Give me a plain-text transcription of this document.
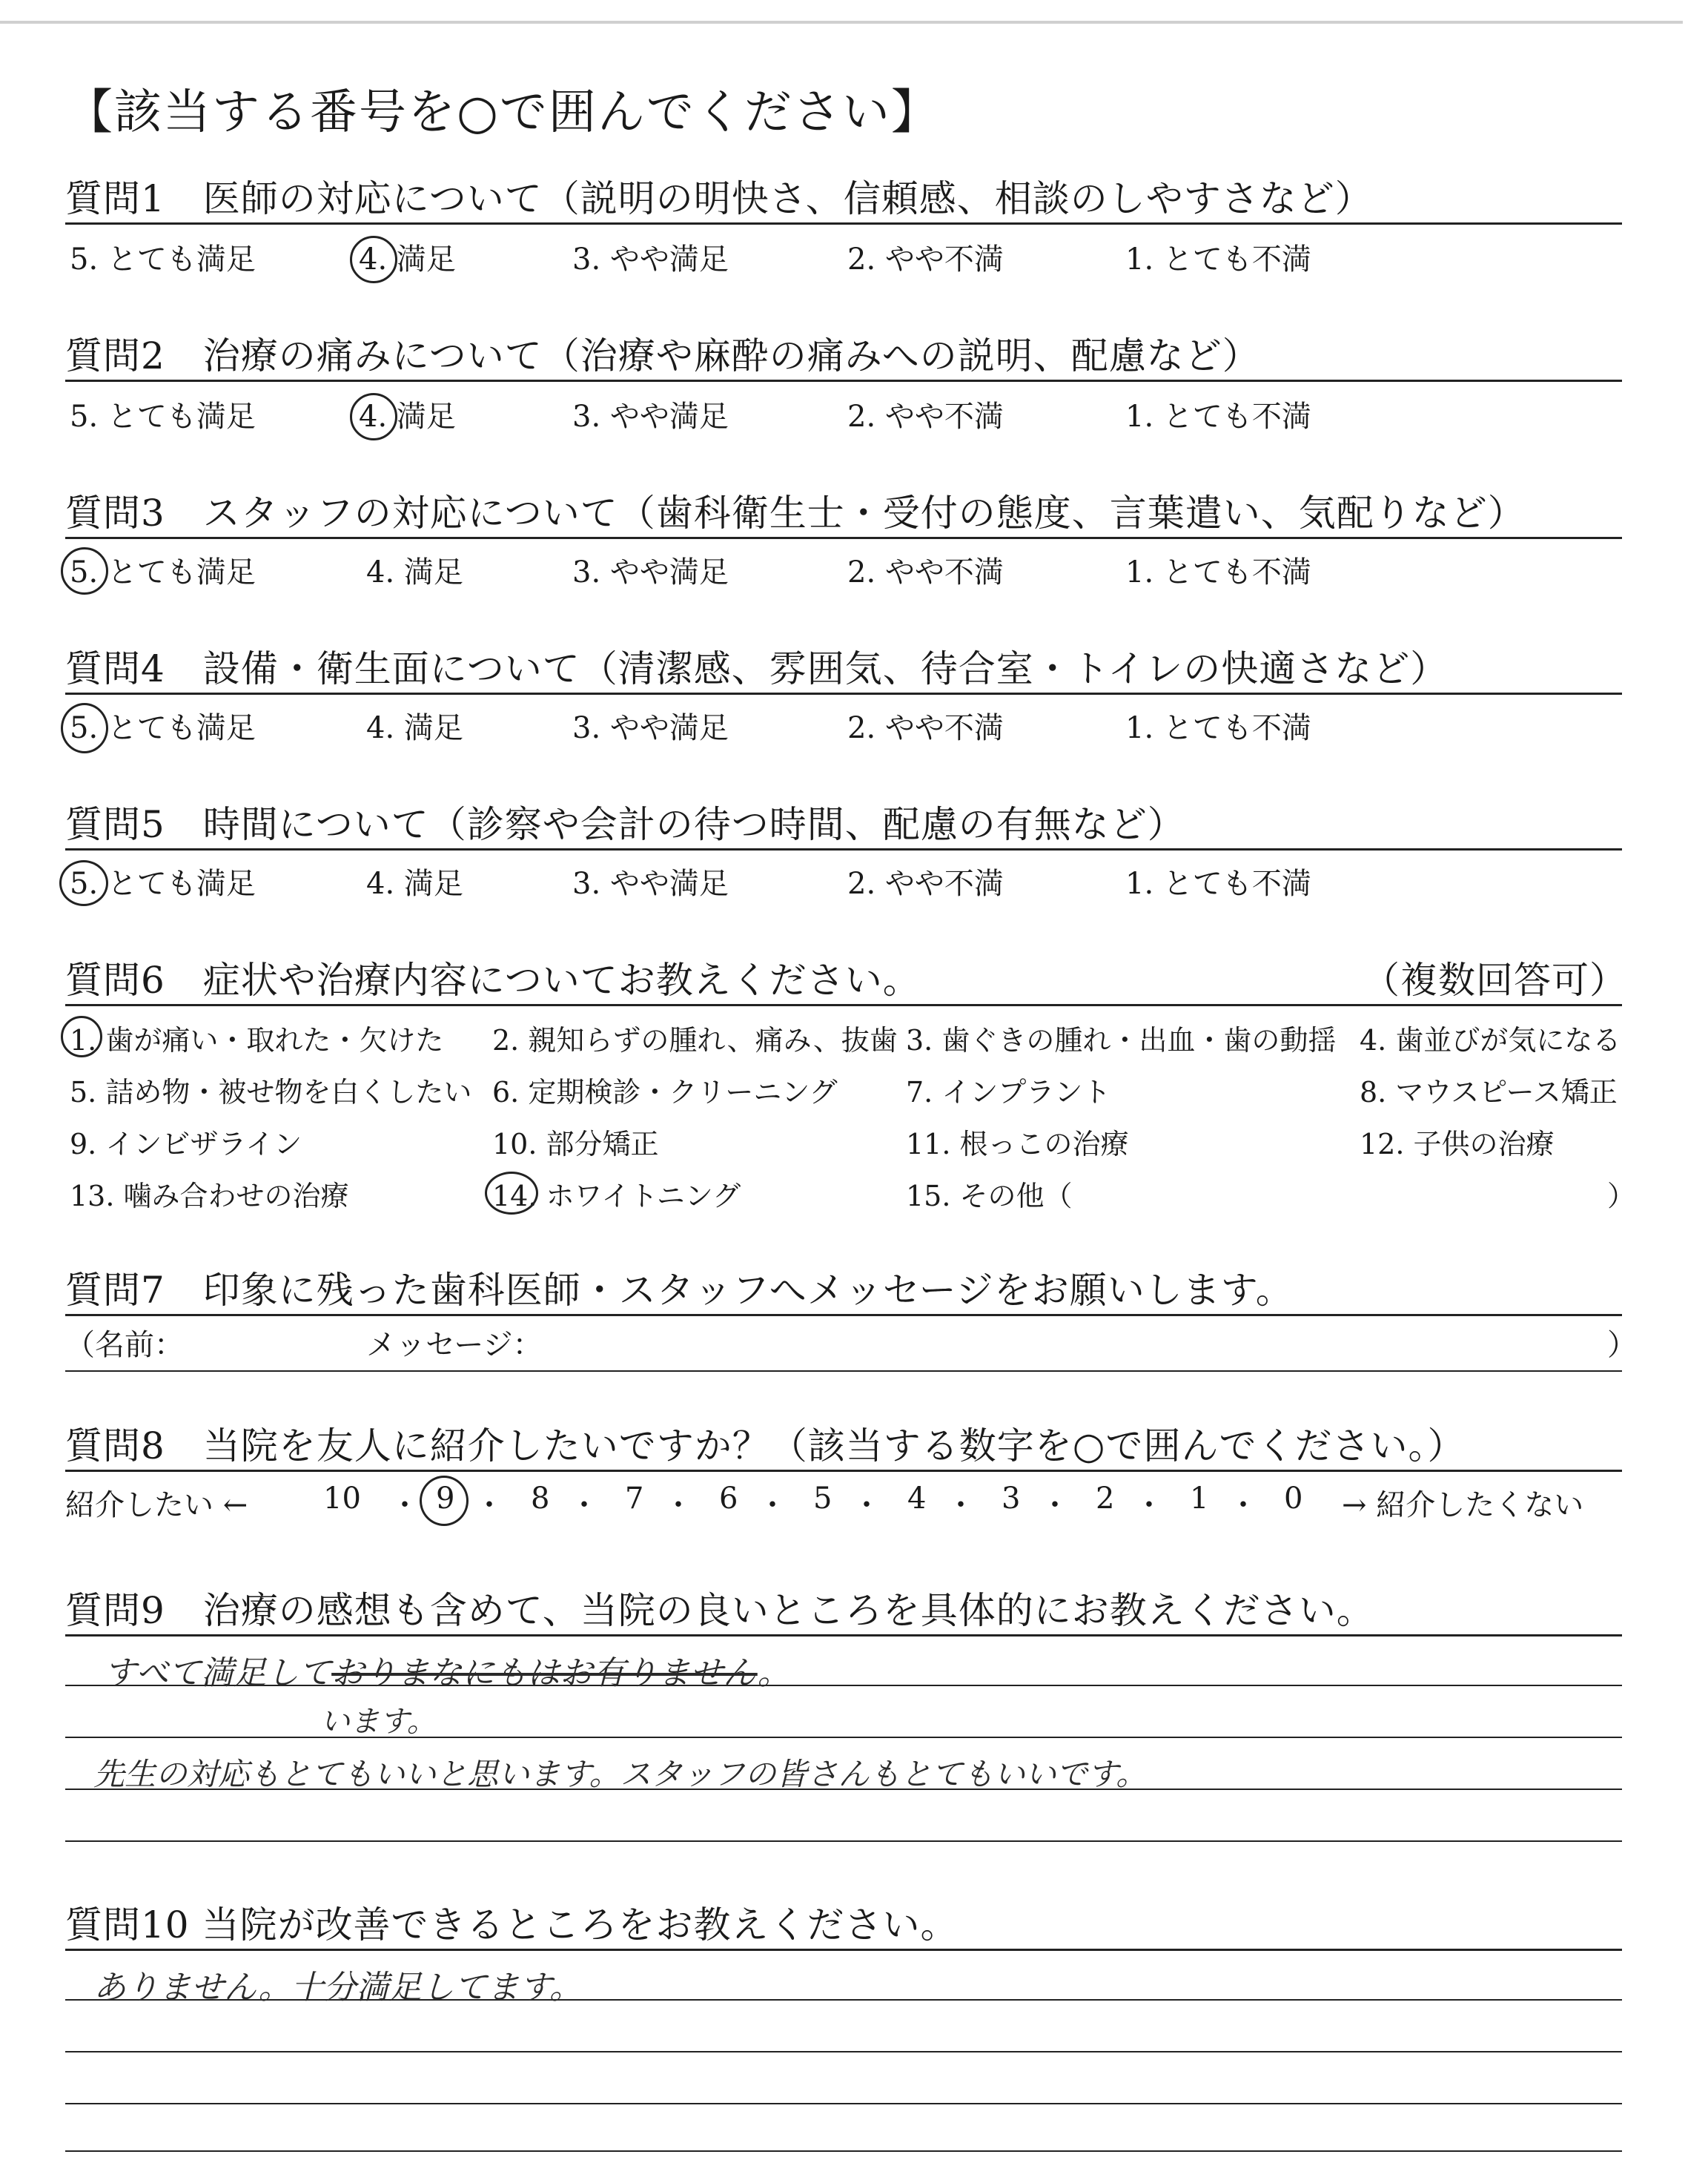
【該当する番号を○で囲んでください】
質問1　医師の対応について（説明の明快さ、信頼感、相談のしやすさなど）
5. とても満足	4. 満足	3. やや満足	2. やや不満	1. とても不満
質問2　治療の痛みについて（治療や麻酔の痛みへの説明、配慮など）
5. とても満足	4. 満足	3. やや満足	2. やや不満	1. とても不満
質問3　スタッフの対応について（歯科衛生士・受付の態度、言葉遣い、気配りなど）
5. とても満足	4. 満足	3. やや満足	2. やや不満	1. とても不満
質問4　設備・衛生面について（清潔感、雰囲気、待合室・トイレの快適さなど）
5. とても満足	4. 満足	3. やや満足	2. やや不満	1. とても不満
質問5　時間について（診察や会計の待つ時間、配慮の有無など）
5. とても満足	4. 満足	3. やや満足	2. やや不満	1. とても不満
質問6　症状や治療内容についてお教えください。	（複数回答可）
1. 歯が痛い・取れた・欠けた 2. 親知らずの腫れ、痛み、抜歯 3. 歯ぐきの腫れ・出血・歯の動揺 4. 歯並びが気になる
5. 詰め物・被せ物を白くしたい 6. 定期検診・クリーニング 7. インプラント	8. マウスピース矯正
9. インビザライン	10. 部分矯正	11. 根っこの治療	12. 子供の治療
13. 噛み合わせの治療	14. ホワイトニング	15. その他（	）
質問7　印象に残った歯科医師・スタッフへメッセージをお願いします。
（名前：	メッセージ：	）
質問8　当院を友人に紹介したいですか？（該当する数字を○で囲んでください。）
紹介したい ←	→ 紹介したくない
10	9	8	7	6	5	4	3	2	1	0
・ ・ ・ ・ ・ ・ ・ ・ ・ ・
質問9　治療の感想も含めて、当院の良いところを具体的にお教えください。
すべて満足しておりまなにもはお有りません。
います。
先生の対応もとてもいいと思います。スタッフの皆さんもとてもいいです。
質問10 当院が改善できるところをお教えください。
ありません。十分満足してます。
